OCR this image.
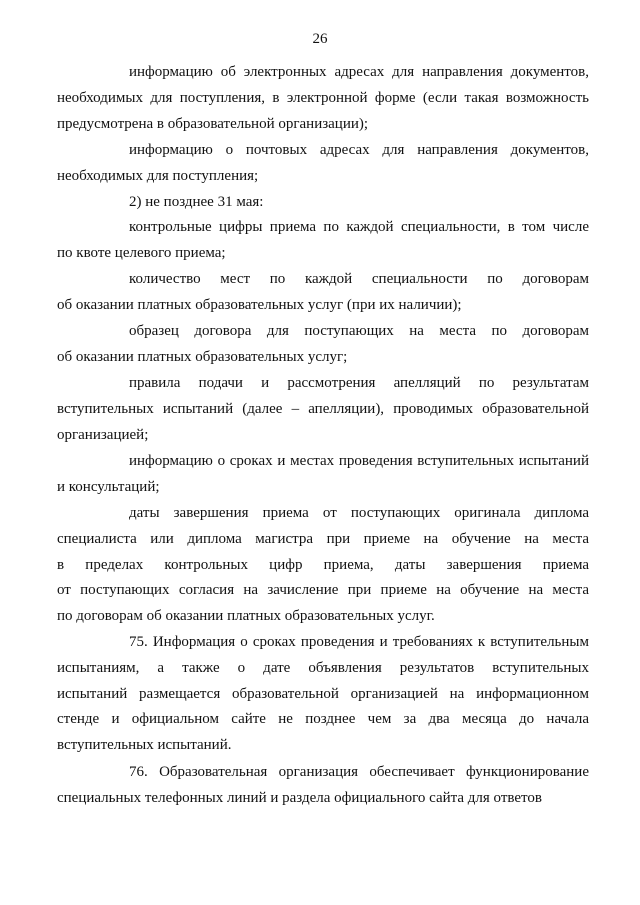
26

информацию об электронных адресах для направления документов,
необходимых для поступления, в электронной форме (если такая возможность
предусмотрена в образовательной организации);

информацию о почтовых адресах для направления документов,
необходимых для поступления;

2) не позднее 31 мая:

контрольные цифры приема по каждой специальности, в том числе
по квоте целевого приема;

количество мест по каждой специальности по договорам
об оказании платных образовательных услуг (при их наличии);

образец договора для поступающих на места по договорам
об оказании платных образовательных услуг;

правила подачи и рассмотрения апелляций по результатам
вступительных испытаний (далее – апелляции), проводимых образовательной
организацией;

информацию о сроках и местах проведения вступительных испытаний
и консультаций;

даты завершения приема от поступающих оригинала диплома
специалиста или диплома магистра при приеме на обучение на места
в пределах контрольных цифр приема, даты завершения приема
от поступающих согласия на зачисление при приеме на обучение на места
по договорам об оказании платных образовательных услуг.

75. Информация о сроках проведения и требованиях к вступительным
испытаниям, а также о дате объявления результатов вступительных
испытаний размещается образовательной организацией на информационном
стенде и официальном сайте не позднее чем за два месяца до начала
вступительных испытаний.

76. Образовательная организация обеспечивает функционирование
специальных телефонных линий и раздела официального сайта для ответов
